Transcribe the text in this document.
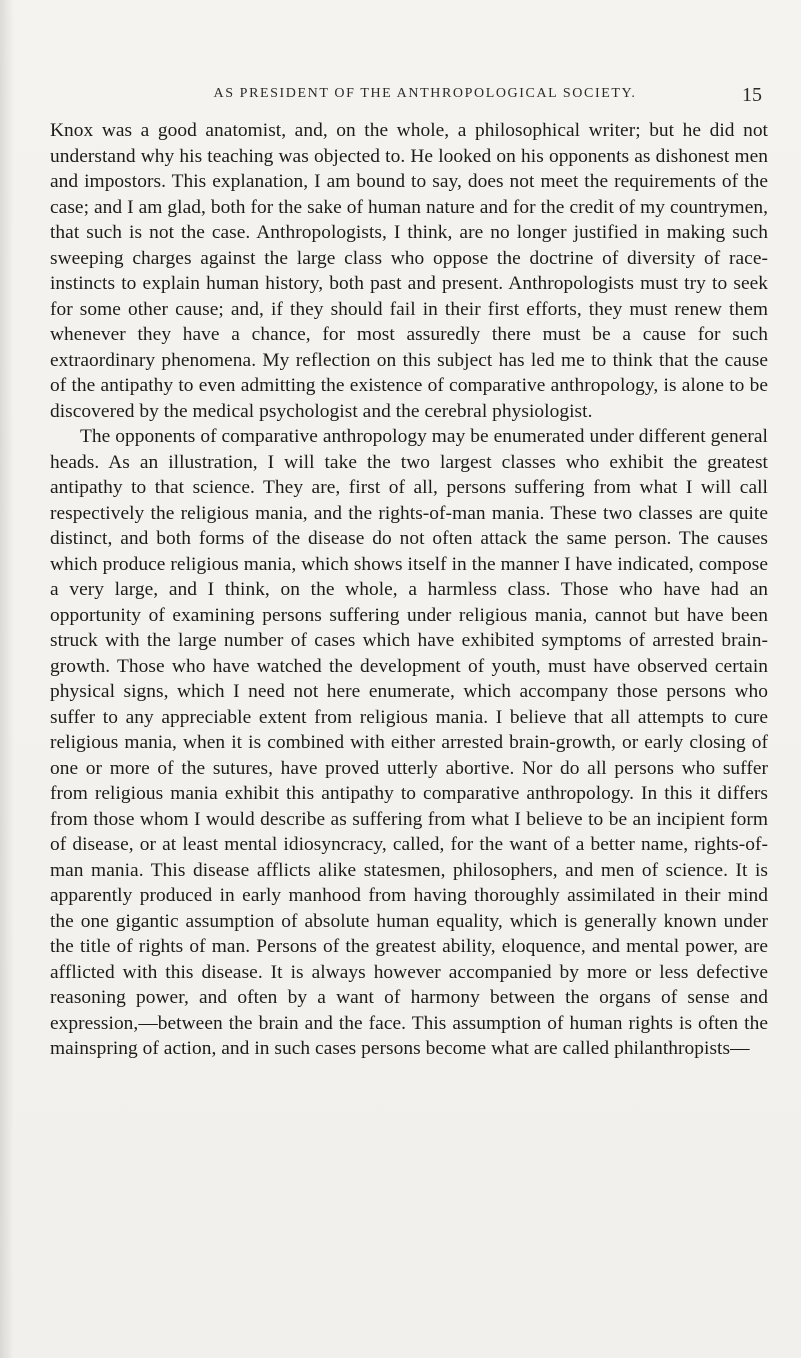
AS PRESIDENT OF THE ANTHROPOLOGICAL SOCIETY.	15

Knox was a good anatomist, and, on the whole, a philosophical writer; but he did not understand why his teaching was objected to. He looked on his opponents as dishonest men and impostors. This explanation, I am bound to say, does not meet the requirements of the case; and I am glad, both for the sake of human nature and for the credit of my countrymen, that such is not the case. Anthropologists, I think, are no longer justified in making such sweeping charges against the large class who oppose the doctrine of diversity of race-instincts to explain human history, both past and present. Anthropologists must try to seek for some other cause; and, if they should fail in their first efforts, they must renew them whenever they have a chance, for most assuredly there must be a cause for such extraordinary phenomena. My reflection on this subject has led me to think that the cause of the antipathy to even admitting the existence of comparative anthropology, is alone to be discovered by the medical psychologist and the cerebral physiologist.

The opponents of comparative anthropology may be enumerated under different general heads. As an illustration, I will take the two largest classes who exhibit the greatest antipathy to that science. They are, first of all, persons suffering from what I will call respectively the religious mania, and the rights-of-man mania. These two classes are quite distinct, and both forms of the disease do not often attack the same person. The causes which produce religious mania, which shows itself in the manner I have indicated, compose a very large, and I think, on the whole, a harmless class. Those who have had an opportunity of examining persons suffering under religious mania, cannot but have been struck with the large number of cases which have exhibited symptoms of arrested brain-growth. Those who have watched the development of youth, must have observed certain physical signs, which I need not here enumerate, which accompany those persons who suffer to any appreciable extent from religious mania. I believe that all attempts to cure religious mania, when it is combined with either arrested brain-growth, or early closing of one or more of the sutures, have proved utterly abortive. Nor do all persons who suffer from religious mania exhibit this antipathy to comparative anthropology. In this it differs from those whom I would describe as suffering from what I believe to be an incipient form of disease, or at least mental idiosyncracy, called, for the want of a better name, rights-of-man mania. This disease afflicts alike statesmen, philosophers, and men of science. It is apparently produced in early manhood from having thoroughly assimilated in their mind the one gigantic assumption of absolute human equality, which is generally known under the title of rights of man. Persons of the greatest ability, eloquence, and mental power, are afflicted with this disease. It is always however accompanied by more or less defective reasoning power, and often by a want of harmony between the organs of sense and expression,—between the brain and the face. This assumption of human rights is often the mainspring of action, and in such cases persons become what are called philanthropists—
